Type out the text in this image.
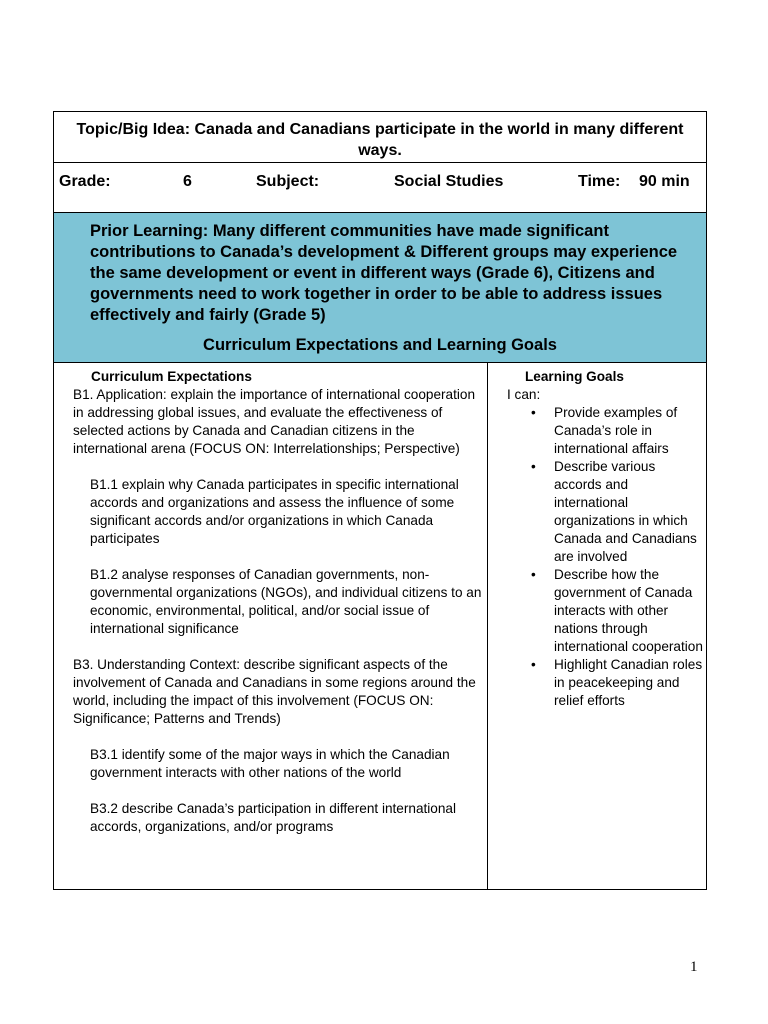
Topic/Big Idea: Canada and Canadians participate in the world in many different ways.
Grade:	6	Subject:	Social Studies	Time: 90 min
Prior Learning: Many different communities have made significant contributions to Canada’s development & Different groups may experience the same development or event in different ways (Grade 6), Citizens and governments need to work together in order to be able to address issues effectively and fairly (Grade 5)
Curriculum Expectations and Learning Goals
Curriculum Expectations

B1. Application: explain the importance of international cooperation in addressing global issues, and evaluate the effectiveness of selected actions by Canada and Canadian citizens in the international arena (FOCUS ON: Interrelationships; Perspective)

B1.1 explain why Canada participates in specific international accords and organizations and assess the influence of some significant accords and/or organizations in which Canada participates

B1.2 analyse responses of Canadian governments, non-governmental organizations (NGOs), and individual citizens to an economic, environmental, political, and/or social issue of international significance

B3. Understanding Context: describe significant aspects of the involvement of Canada and Canadians in some regions around the world, including the impact of this involvement (FOCUS ON: Significance; Patterns and Trends)

B3.1 identify some of the major ways in which the Canadian government interacts with other nations of the world

B3.2 describe Canada’s participation in different international accords, organizations, and/or programs

Learning Goals
I can:
• Provide examples of Canada’s role in international affairs
• Describe various accords and international organizations in which Canada and Canadians are involved
• Describe how the government of Canada interacts with other nations through international cooperation
• Highlight Canadian roles in peacekeeping and relief efforts
1
